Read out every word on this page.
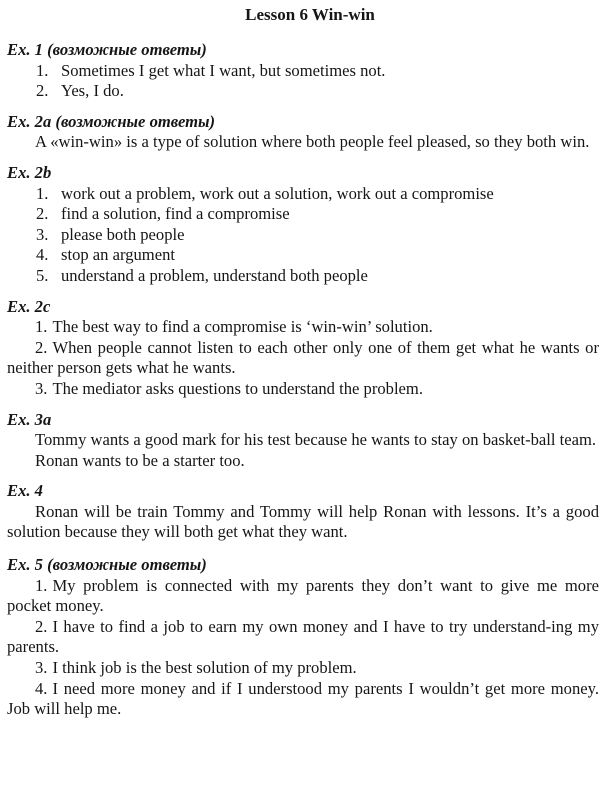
Lesson 6 Win-win

Ex. 1 (возможные ответы)

1. Sometimes I get what I want, but sometimes not.
2. Yes, I do.

Ex. 2a (возможные ответы)

A «win-win» is a type of solution where both people feel pleased, so they both win.

Ex. 2b

1. work out a problem, work out a solution, work out a compromise
2. find a solution, find a compromise
3. please both people
4. stop an argument
5. understand a problem, understand both people

Ex. 2c

1. The best way to find a compromise is ‘win-win’ solution.
2. When people cannot listen to each other only one of them get what he wants or neither person gets what he wants.
3. The mediator asks questions to understand the problem.

Ex. 3a

Tommy wants a good mark for his test because he wants to stay on basket-ball team.

Ronan wants to be a starter too.

Ex. 4

Ronan will be train Tommy and Tommy will help Ronan with lessons. It’s a good solution because they will both get what they want.

Ex. 5 (возможные ответы)

1. My problem is connected with my parents they don’t want to give me more pocket money.
2. I have to find a job to earn my own money and I have to try understand-ing my parents.
3. I think job is the best solution of my problem.
4. I need more money and if I understood my parents I wouldn’t get more money. Job will help me.
